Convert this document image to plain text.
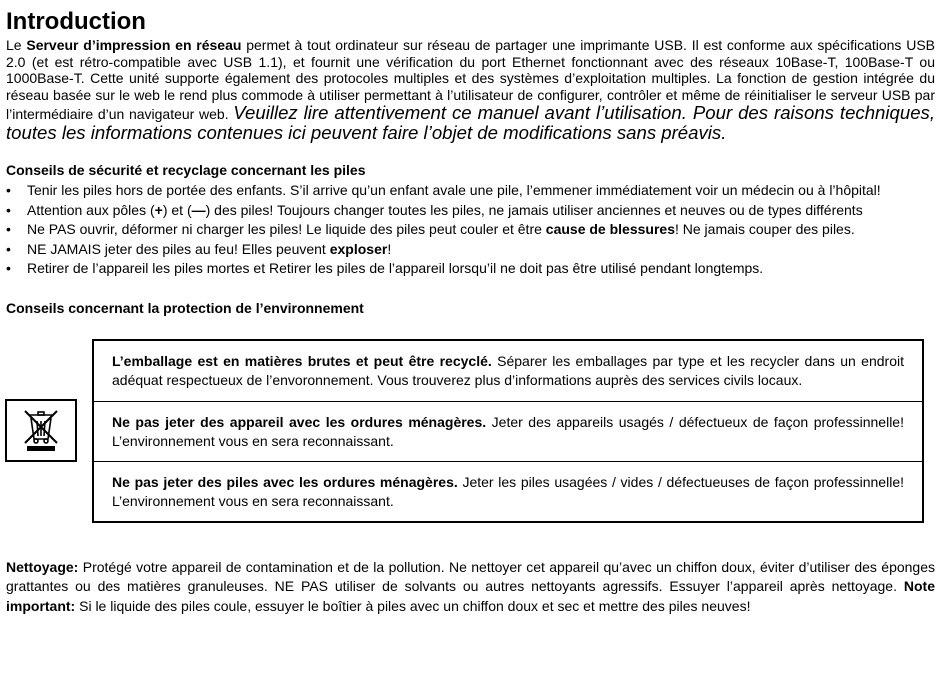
Introduction
Le Serveur d’impression en réseau permet à tout ordinateur sur réseau de partager une imprimante USB. Il est conforme aux spécifications USB 2.0 (et est rétro-compatible avec USB 1.1), et fournit une vérification du port Ethernet fonctionnant avec des réseaux 10Base-T, 100Base-T ou 1000Base-T. Cette unité supporte également des protocoles multiples et des systèmes d’exploitation multiples. La fonction de gestion intégrée du réseau basée sur le web le rend plus commode à utiliser permettant à l’utilisateur de configurer, contrôler et même de réinitialiser le serveur USB par l’intermédiaire d’un navigateur web. Veuillez lire attentivement ce manuel avant l’utilisation. Pour des raisons techniques, toutes les informations contenues ici peuvent faire l’objet de modifications sans préavis.
Conseils de sécurité et recyclage concernant les piles
• Tenir les piles hors de portée des enfants. S’il arrive qu’un enfant avale une pile, l’emmener immédiatement voir un médecin ou à l’hôpital!
• Attention aux pôles (+) et (—) des piles! Toujours changer toutes les piles, ne jamais utiliser anciennes et neuves ou de types différents
• Ne PAS ouvrir, déformer ni charger les piles! Le liquide des piles peut couler et être cause de blessures! Ne jamais couper des piles.
• NE JAMAIS jeter des piles au feu! Elles peuvent exploser!
• Retirer de l’appareil les piles mortes et Retirer les piles de l’appareil lorsqu’il ne doit pas être utilisé pendant longtemps.
Conseils concernant la protection de l’environnement
L’emballage est en matières brutes et peut être recyclé. Séparer les emballages par type et les recycler dans un endroit adéquat respectueux de l’envoronnement. Vous trouverez plus d’informations auprès des services civils locaux.
Ne pas jeter des appareil avec les ordures ménagères. Jeter des appareils usagés / défectueux de façon professinnelle! L’environnement vous en sera reconnaissant.
Ne pas jeter des piles avec les ordures ménagères. Jeter les piles usagées / vides / défectueuses de façon professinnelle! L’environnement vous en sera reconnaissant.
Nettoyage: Protégé votre appareil de contamination et de la pollution. Ne nettoyer cet appareil qu’avec un chiffon doux, éviter d’utiliser des éponges grattantes ou des matières granuleuses. NE PAS utiliser de solvants ou autres nettoyants agressifs. Essuyer l’appareil après nettoyage. Note important: Si le liquide des piles coule, essuyer le boîtier à piles avec un chiffon doux et sec et mettre des piles neuves!
